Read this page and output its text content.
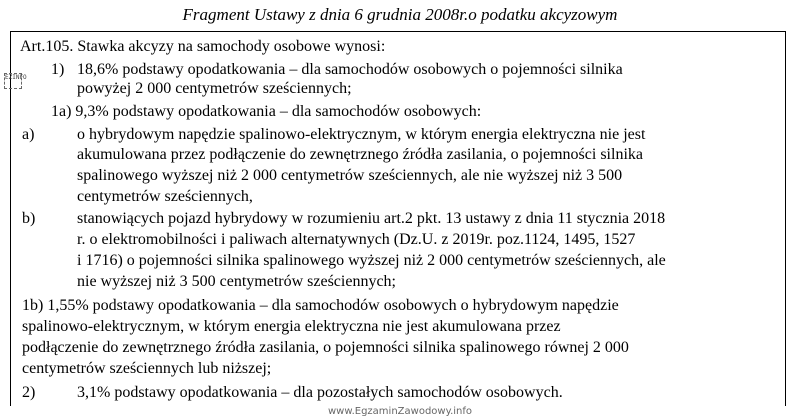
Fragment Ustawy z dnia 6 grudnia 2008r.o podatku akcyzowym
EZINFO
Art.105. Stawka akcyzy na samochody osobowe wynosi:
1) 18,6% podstawy opodatkowania – dla samochodów osobowych o pojemności silnika
powyżej 2 000 centymetrów sześciennych;
1a) 9,3% podstawy opodatkowania – dla samochodów osobowych:
a)	o hybrydowym napędzie spalinowo-elektrycznym, w którym energia elektryczna nie jest
akumulowana przez podłączenie do zewnętrznego źródła zasilania, o pojemności silnika
spalinowego wyższej niż 2 000 centymetrów sześciennych, ale nie wyższej niż 3 500
centymetrów sześciennych,
b)	stanowiących pojazd hybrydowy w rozumieniu art.2 pkt. 13 ustawy z dnia 11 stycznia 2018
r. o elektromobilności i paliwach alternatywnych (Dz.U. z 2019r. poz.1124, 1495, 1527
i 1716) o pojemności silnika spalinowego wyższej niż 2 000 centymetrów sześciennych, ale
nie wyższej niż 3 500 centymetrów sześciennych;
1b) 1,55% podstawy opodatkowania – dla samochodów osobowych o hybrydowym napędzie
spalinowo-elektrycznym, w którym energia elektryczna nie jest akumulowana przez
podłączenie do zewnętrznego źródła zasilania, o pojemności silnika spalinowego równej 2 000
centymetrów sześciennych lub niższej;
2)	3,1% podstawy opodatkowania – dla pozostałych samochodów osobowych.
www.EgzaminZawodowy.info
